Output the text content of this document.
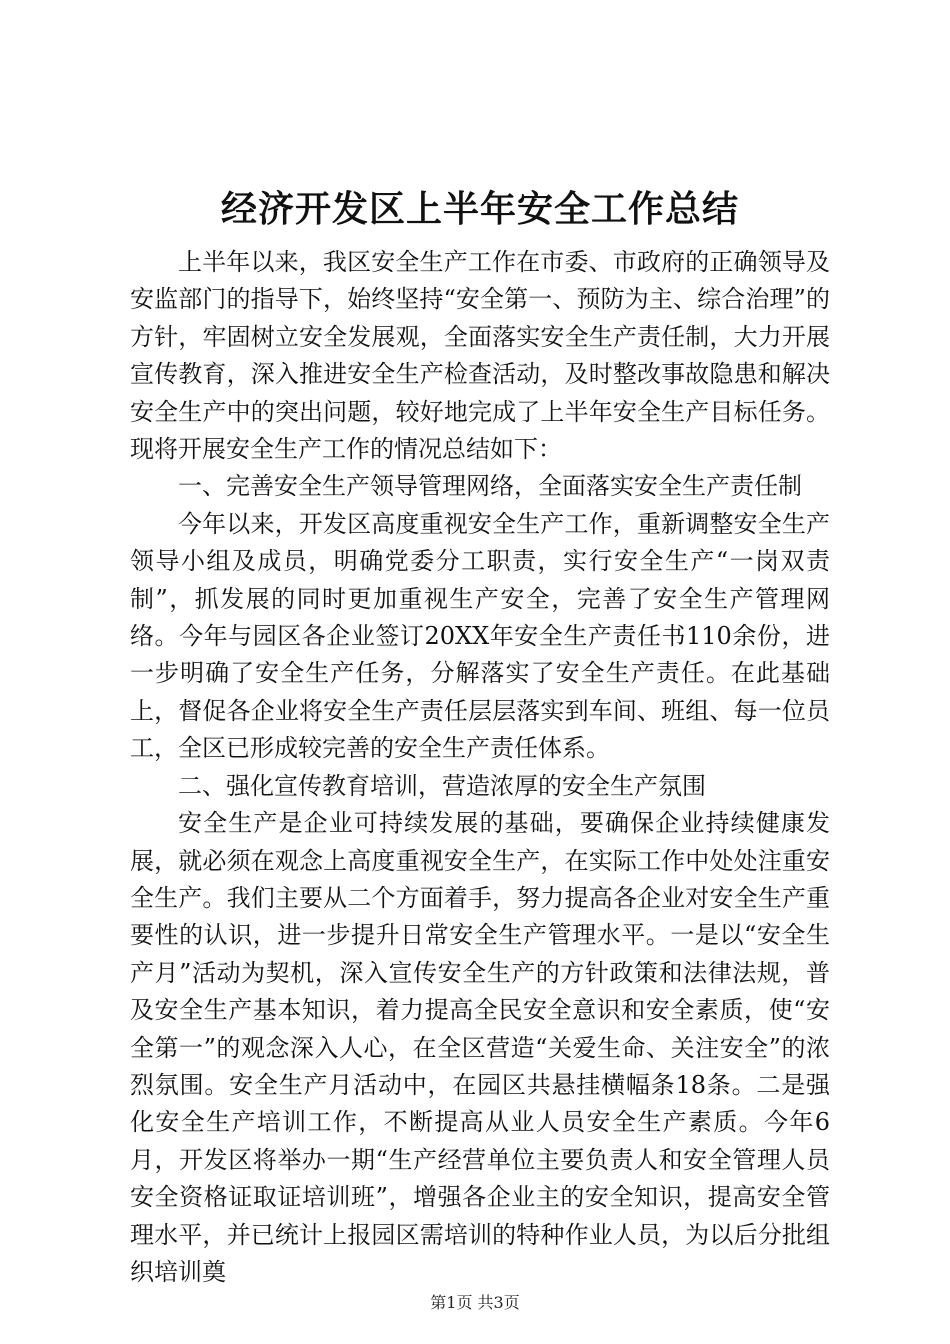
经济开发区上半年安全工作总结

上半年以来，我区安全生产工作在市委、市政府的正确领导及安监部门的指导下，始终坚持“安全第一、预防为主、综合治理”的方针，牢固树立安全发展观，全面落实安全生产责任制，大力开展宣传教育，深入推进安全生产检查活动，及时整改事故隐患和解决安全生产中的突出问题，较好地完成了上半年安全生产目标任务。现将开展安全生产工作的情况总结如下：

一、完善安全生产领导管理网络，全面落实安全生产责任制

今年以来，开发区高度重视安全生产工作，重新调整安全生产领导小组及成员，明确党委分工职责，实行安全生产“一岗双责制”，抓发展的同时更加重视生产安全，完善了安全生产管理网络。今年与园区各企业签订20XX年安全生产责任书110余份，进一步明确了安全生产任务，分解落实了安全生产责任。在此基础上，督促各企业将安全生产责任层层落实到车间、班组、每一位员工，全区已形成较完善的安全生产责任体系。

二、强化宣传教育培训，营造浓厚的安全生产氛围

安全生产是企业可持续发展的基础，要确保企业持续健康发展，就必须在观念上高度重视安全生产，在实际工作中处处注重安全生产。我们主要从二个方面着手，努力提高各企业对安全生产重要性的认识，进一步提升日常安全生产管理水平。一是以“安全生产月”活动为契机，深入宣传安全生产的方针政策和法律法规，普及安全生产基本知识，着力提高全民安全意识和安全素质，使“安全第一”的观念深入人心，在全区营造“关爱生命、关注安全”的浓烈氛围。安全生产月活动中，在园区共悬挂横幅条18条。二是强化安全生产培训工作，不断提高从业人员安全生产素质。今年6月，开发区将举办一期“生产经营单位主要负责人和安全管理人员安全资格证取证培训班”，增强各企业主的安全知识，提高安全管理水平，并已统计上报园区需培训的特种作业人员，为以后分批组织培训奠

第1页 共3页
